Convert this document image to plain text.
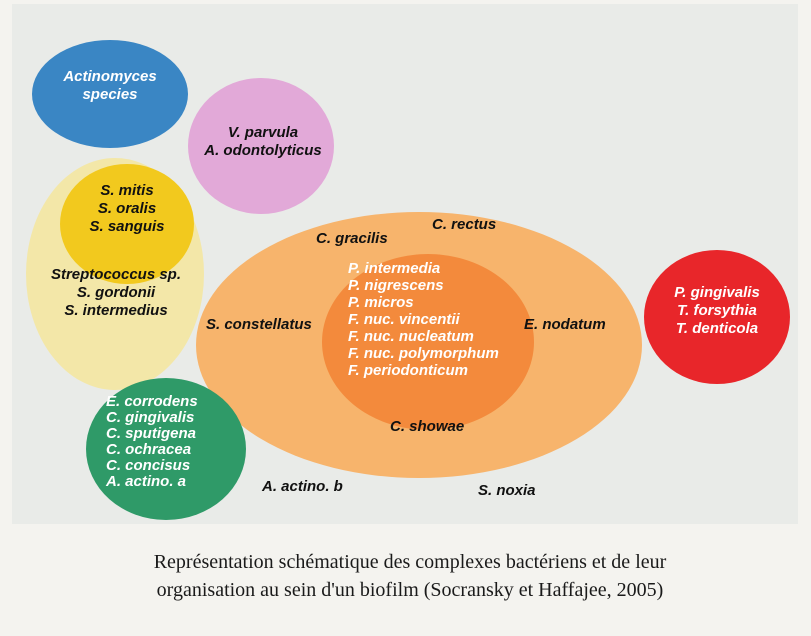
Actinomyces
species
V. parvula
A. odontolyticus
S. mitis
S. oralis
S. sanguis
Streptococcus sp.
S. gordonii
S. intermedius
C. gracilis
C. rectus
S. constellatus	E. nodatum
C. showae
P. intermedia
P. nigrescens
P. micros
F. nuc. vincentii
F. nuc. nucleatum
F. nuc. polymorphum
F. periodonticum
P. gingivalis
T. forsythia
T. denticola
E. corrodens
C. gingivalis
C. sputigena
C. ochracea
C. concisus
A. actino. a	A. actino. b	S. noxia
Représentation schématique des complexes bactériens et de leur
organisation au sein d'un biofilm (Socransky et Haffajee, 2005)
